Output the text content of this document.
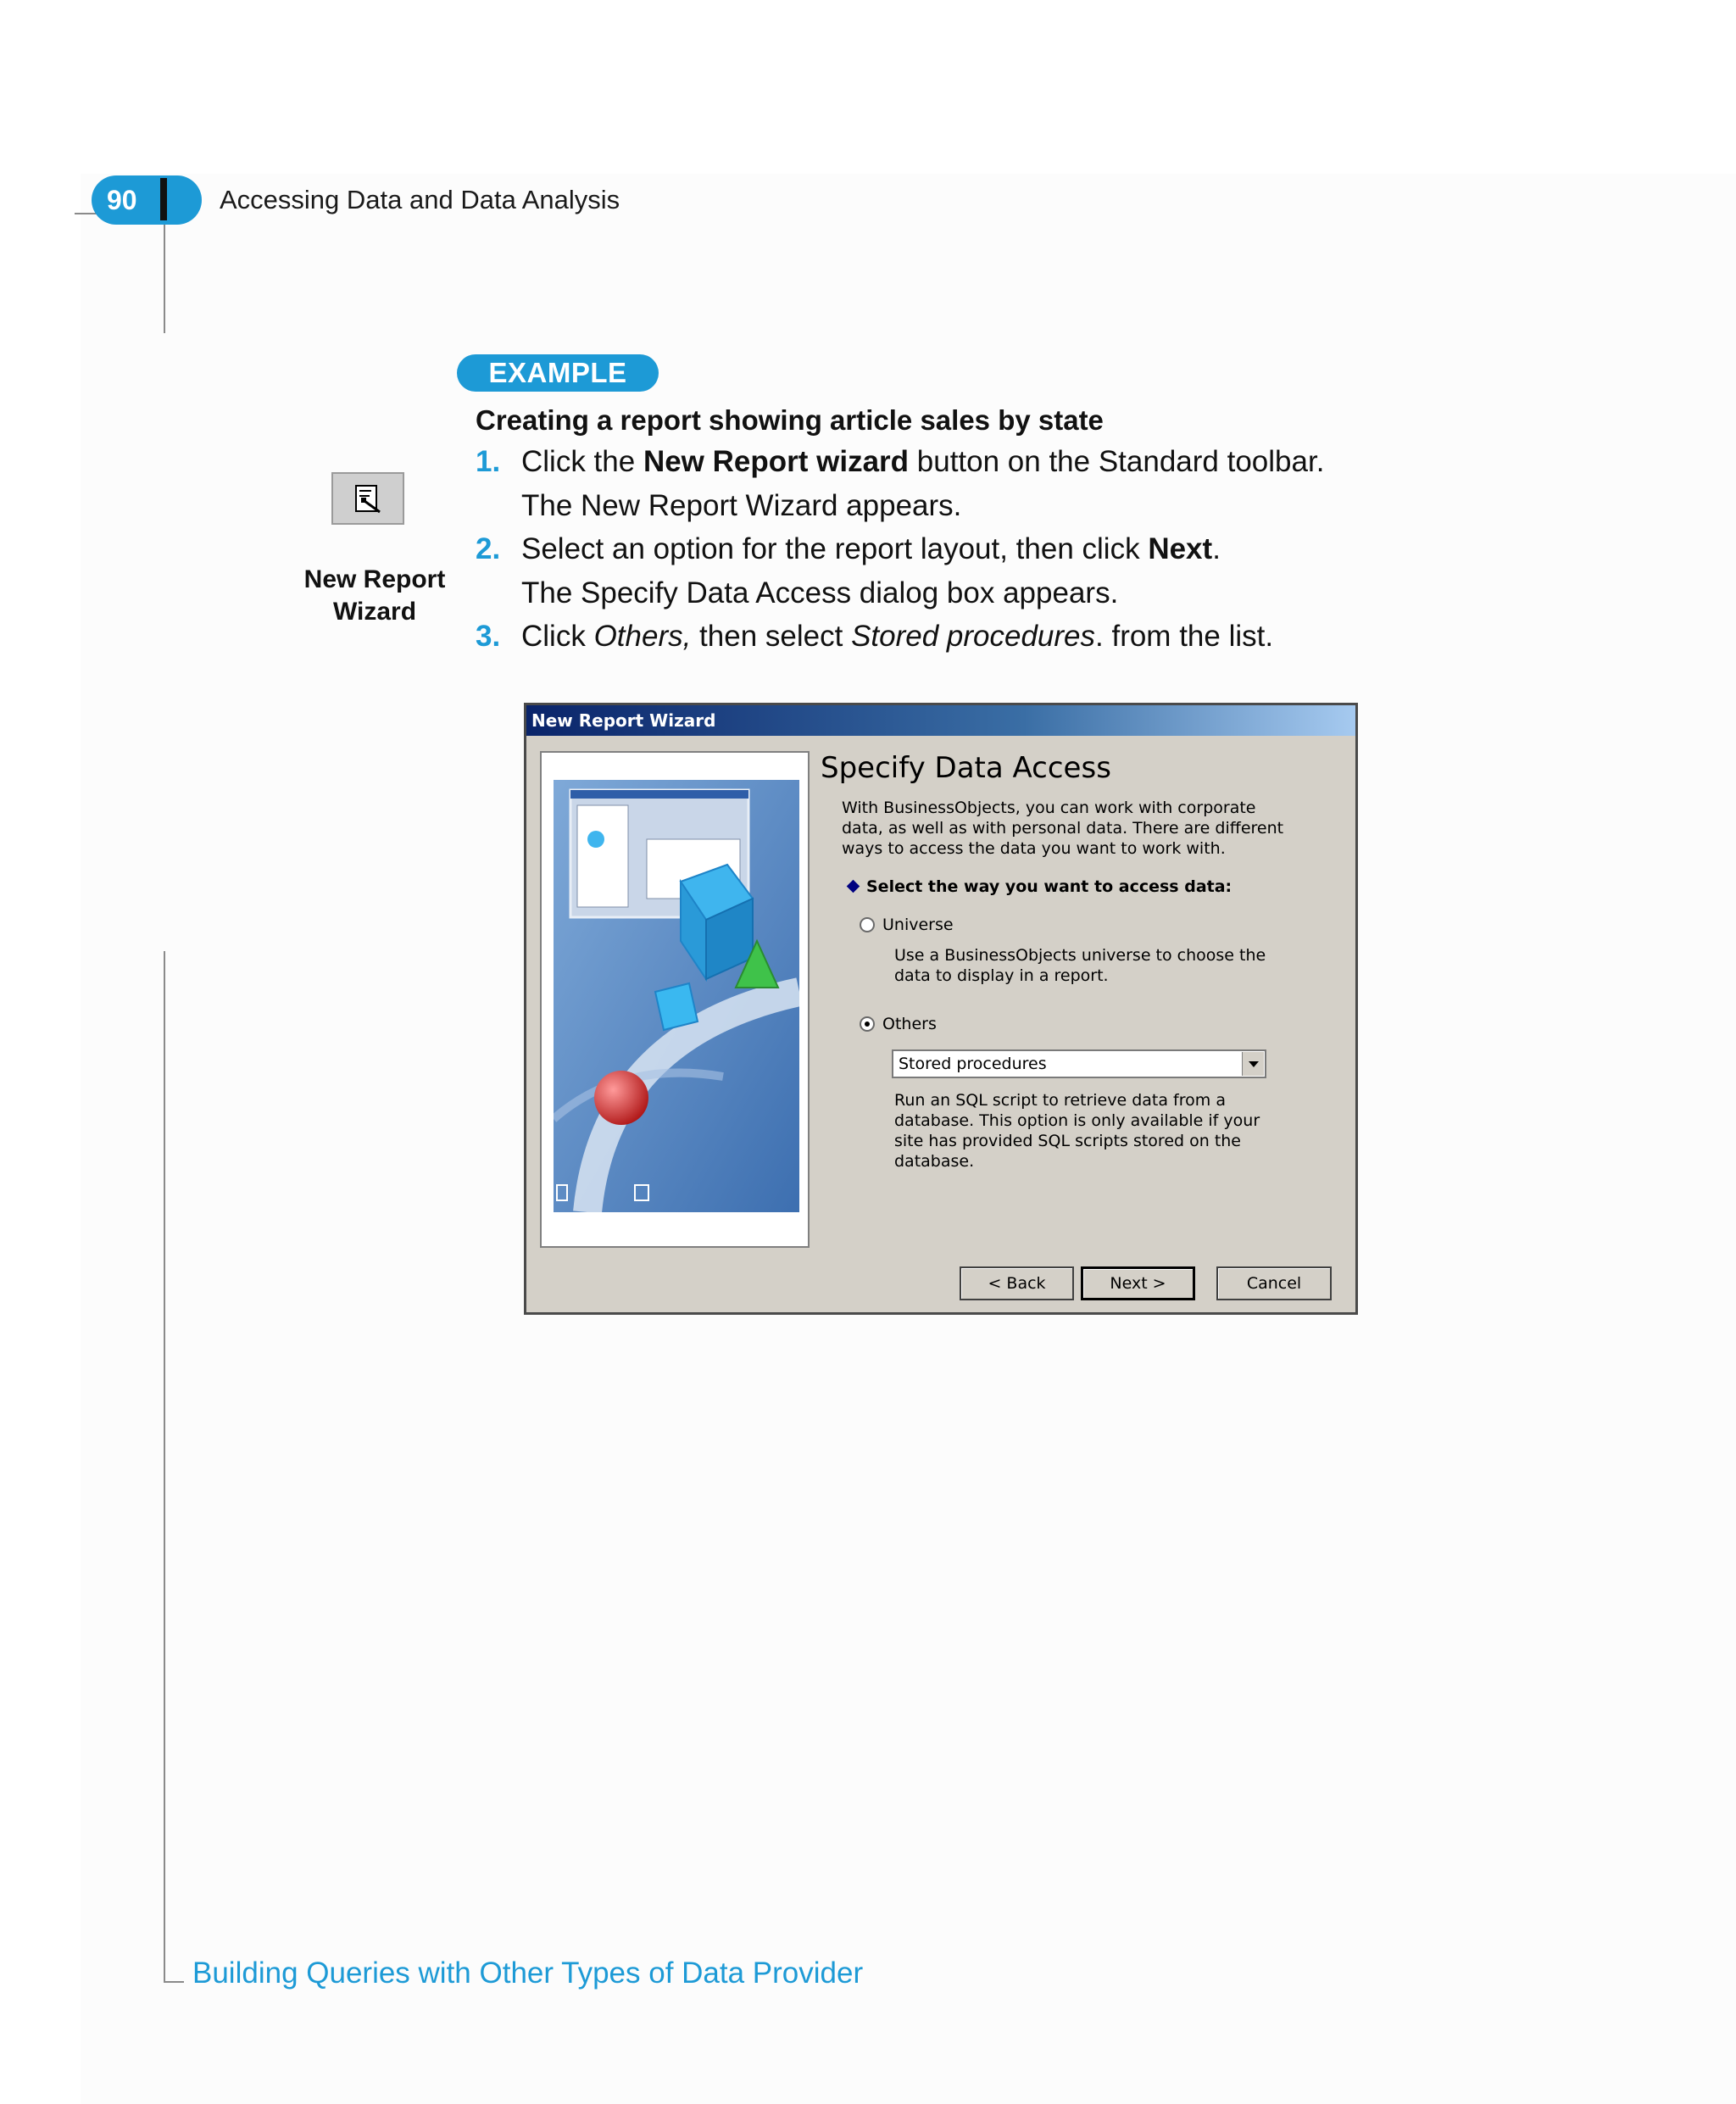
90	Accessing Data and Data Analysis
EXAMPLE
Creating a report showing article sales by state
New Report
Wizard
1. Click the New Report wizard button on the Standard toolbar.
The New Report Wizard appears.
2. Select an option for the report layout, then click Next.
The Specify Data Access dialog box appears.
3. Click Others, then select Stored procedures. from the list.
New Report Wizard
Specify Data Access
With BusinessObjects, you can work with corporate data, as well as with personal data. There are different ways to access the data you want to work with.
Select the way you want to access data:
Universe
Use a BusinessObjects universe to choose the data to display in a report.
Others
Stored procedures
Run an SQL script to retrieve data from a database. This option is only available if your site has provided SQL scripts stored on the database.
< Back	Next >	Cancel
Building Queries with Other Types of Data Provider
